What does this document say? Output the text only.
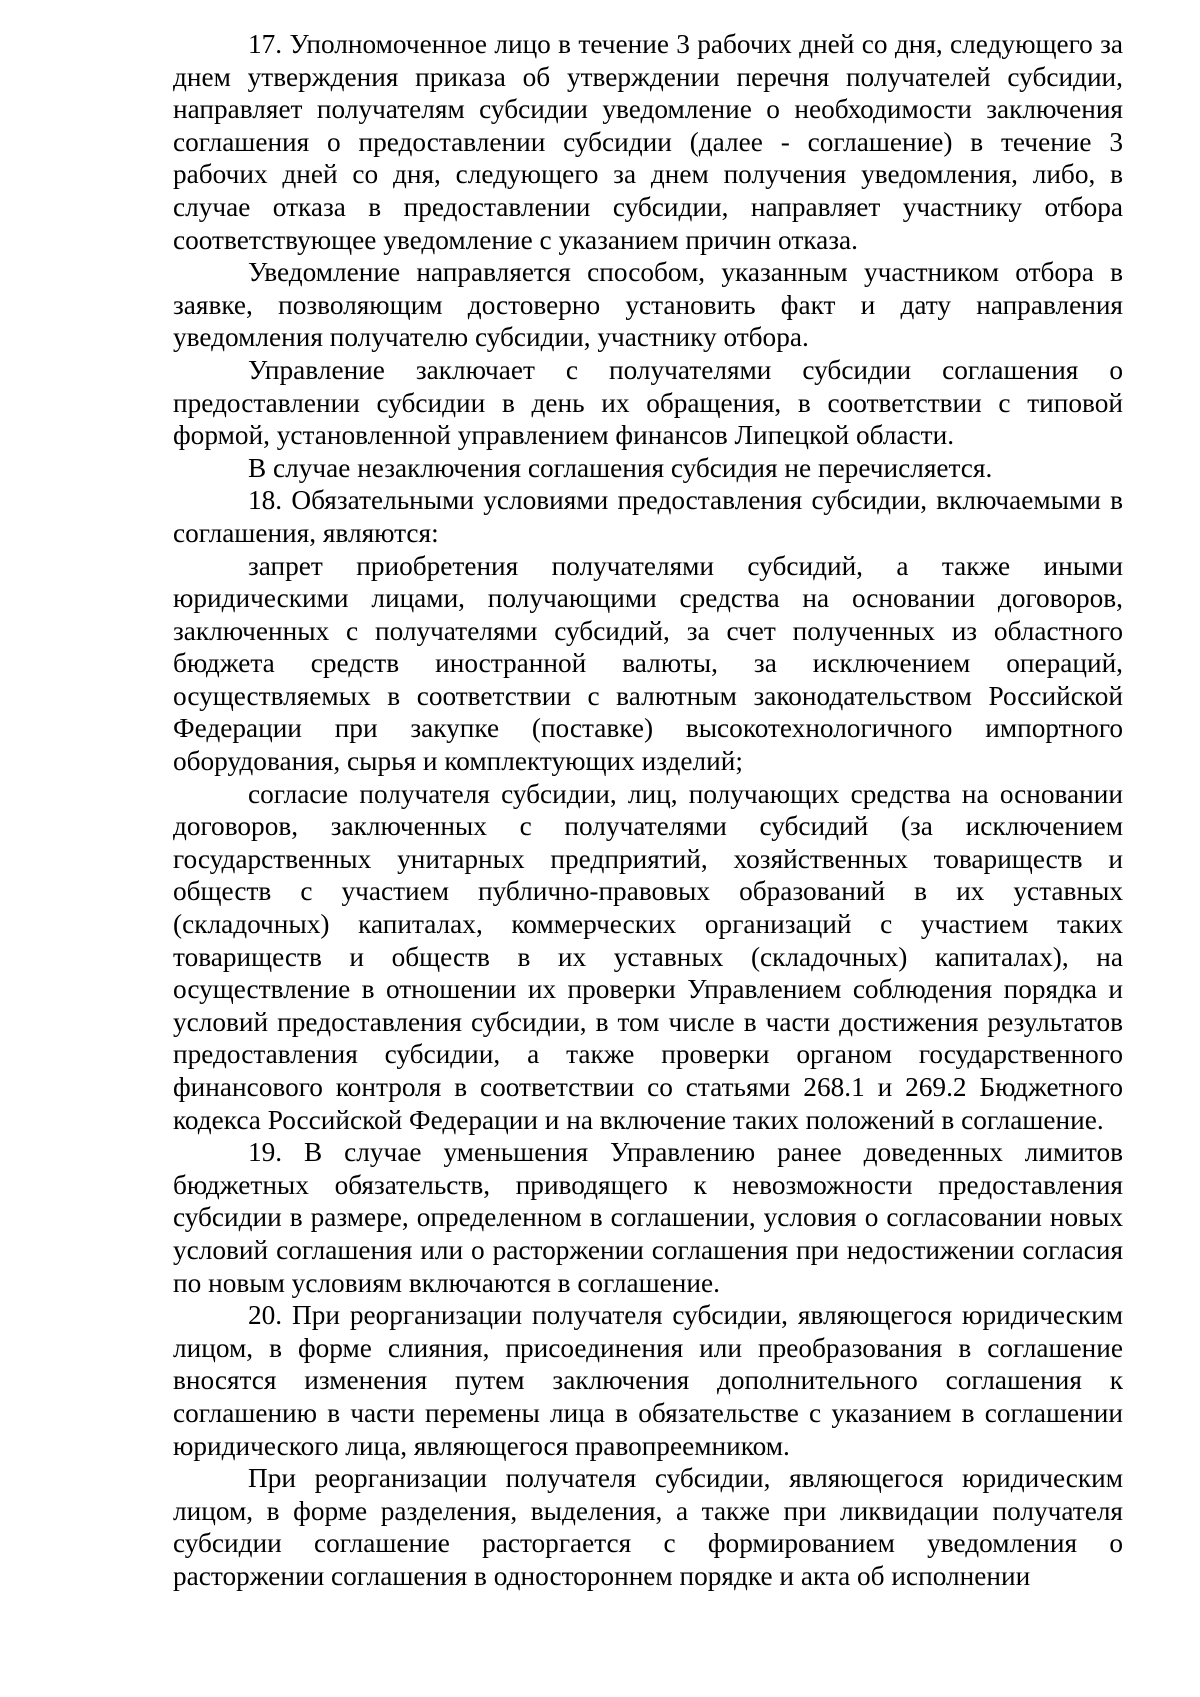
17. Уполномоченное лицо в течение 3 рабочих дней со дня, следующего за днем утверждения приказа об утверждении перечня получателей субсидии, направляет получателям субсидии уведомление о необходимости заключения соглашения о предоставлении субсидии (далее - соглашение) в течение 3 рабочих дней со дня, следующего за днем получения уведомления, либо, в случае отказа в предоставлении субсидии, направляет участнику отбора соответствующее уведомление с указанием причин отказа.

Уведомление направляется способом, указанным участником отбора в заявке, позволяющим достоверно установить факт и дату направления уведомления получателю субсидии, участнику отбора.

Управление заключает с получателями субсидии соглашения о предоставлении субсидии в день их обращения, в соответствии с типовой формой, установленной управлением финансов Липецкой области.

В случае незаключения соглашения субсидия не перечисляется.

18. Обязательными условиями предоставления субсидии, включаемыми в соглашения, являются:

запрет приобретения получателями субсидий, а также иными юридическими лицами, получающими средства на основании договоров, заключенных с получателями субсидий, за счет полученных из областного бюджета средств иностранной валюты, за исключением операций, осуществляемых в соответствии с валютным законодательством Российской Федерации при закупке (поставке) высокотехнологичного импортного оборудования, сырья и комплектующих изделий;

согласие получателя субсидии, лиц, получающих средства на основании договоров, заключенных с получателями субсидий (за исключением государственных унитарных предприятий, хозяйственных товариществ и обществ с участием публично-правовых образований в их уставных (складочных) капиталах, коммерческих организаций с участием таких товариществ и обществ в их уставных (складочных) капиталах), на осуществление в отношении их проверки Управлением соблюдения порядка и условий предоставления субсидии, в том числе в части достижения результатов предоставления субсидии, а также проверки органом государственного финансового контроля в соответствии со статьями 268.1 и 269.2 Бюджетного кодекса Российской Федерации и на включение таких положений в соглашение.

19. В случае уменьшения Управлению ранее доведенных лимитов бюджетных обязательств, приводящего к невозможности предоставления субсидии в размере, определенном в соглашении, условия о согласовании новых условий соглашения или о расторжении соглашения при недостижении согласия по новым условиям включаются в соглашение.

20. При реорганизации получателя субсидии, являющегося юридическим лицом, в форме слияния, присоединения или преобразования в соглашение вносятся изменения путем заключения дополнительного соглашения к соглашению в части перемены лица в обязательстве с указанием в соглашении юридического лица, являющегося правопреемником.

При реорганизации получателя субсидии, являющегося юридическим лицом, в форме разделения, выделения, а также при ликвидации получателя субсидии соглашение расторгается с формированием уведомления о расторжении соглашения в одностороннем порядке и акта об исполнении
